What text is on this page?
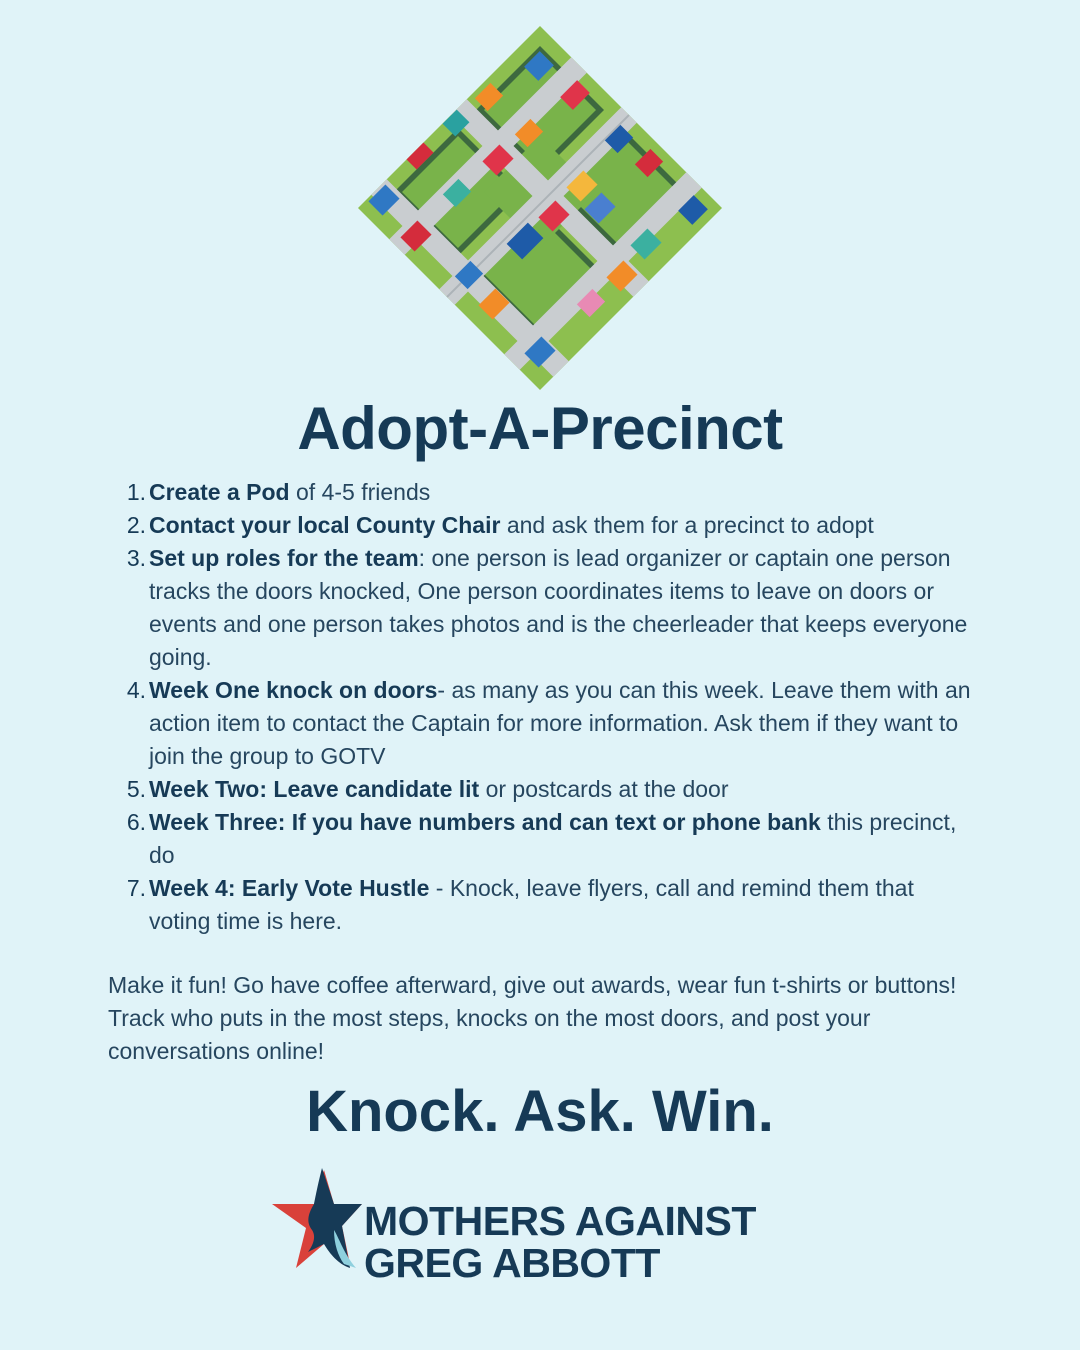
Adopt-A-Precinct
1. Create a Pod of 4-5 friends
2. Contact your local County Chair and ask them for a precinct to adopt
3. Set up roles for the team: one person is lead organizer or captain one person tracks the doors knocked, One person coordinates items to leave on doors or events and one person takes photos and is the cheerleader that keeps everyone going.
4. Week One knock on doors- as many as you can this week. Leave them with an action item to contact the Captain for more information. Ask them if they want to join the group to GOTV
5. Week Two: Leave candidate lit or postcards at the door
6. Week Three: If you have numbers and can text or phone bank this precinct, do
7. Week 4: Early Vote Hustle - Knock, leave flyers, call and remind them that voting time is here.

Make it fun! Go have coffee afterward, give out awards, wear fun t-shirts or buttons! Track who puts in the most steps, knocks on the most doors, and post your conversations online!

Knock. Ask. Win.
MOTHERS AGAINST
GREG ABBOTT
